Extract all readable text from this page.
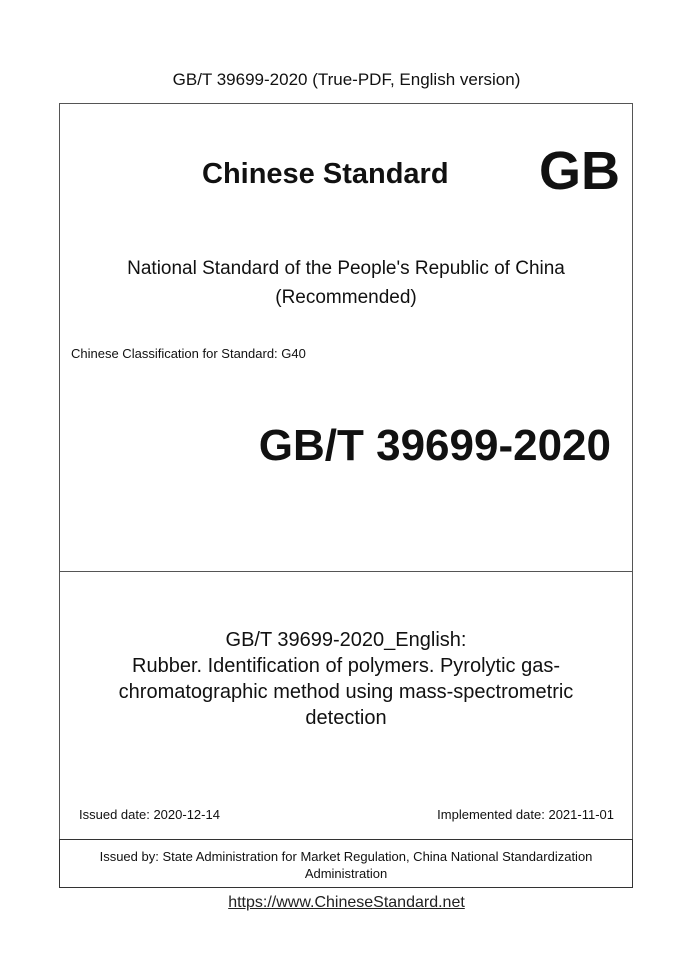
GB/T 39699-2020 (True-PDF, English version)
Chinese Standard GB
National Standard of the People's Republic of China
(Recommended)
Chinese Classification for Standard: G40
GB/T 39699-2020
GB/T 39699-2020_English:
Rubber. Identification of polymers. Pyrolytic gas-
chromatographic method using mass-spectrometric
detection
Issued date: 2020-12-14	Implemented date: 2021-11-01
Issued by: State Administration for Market Regulation, China National Standardization
Administration
https://www.ChineseStandard.net
